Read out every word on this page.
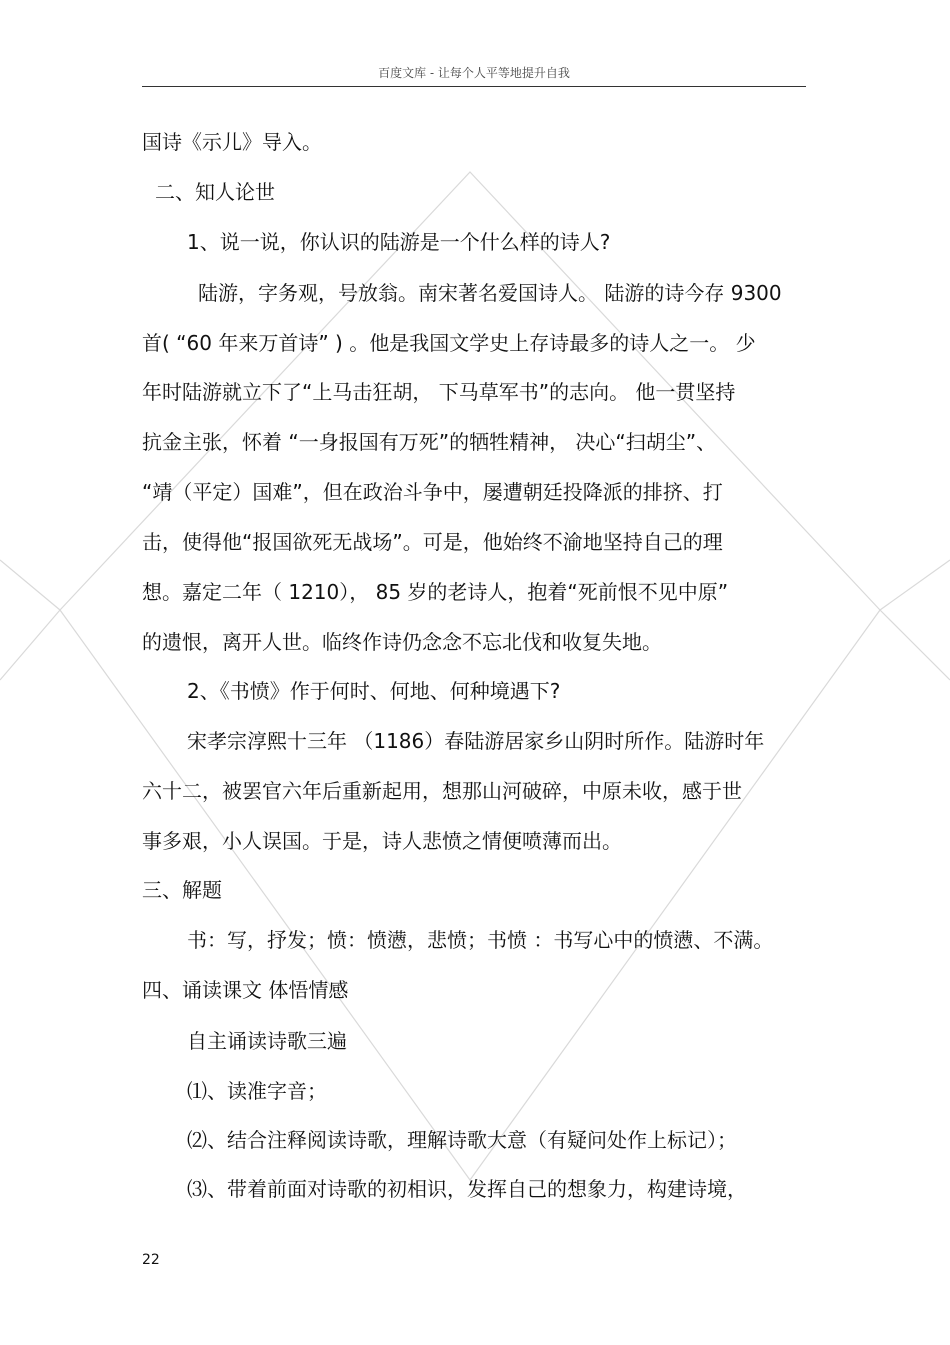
百度文库 - 让每个人平等地提升自我
国诗《示儿》导入。
二、知人论世
1、说一说，你认识的陆游是一个什么样的诗人?
陆游，字务观，号放翁。南宋著名爱国诗人。 陆游的诗今存 9300
首( “60 年来万首诗” ) 。他是我国文学史上存诗最多的诗人之一。 少
年时陆游就立下了“上马击狂胡， 下马草军书”的志向。 他一贯坚持
抗金主张，怀着 “一身报国有万死”的牺牲精神， 决心“扫胡尘”、
“靖（平定）国难”，但在政治斗争中，屡遭朝廷投降派的排挤、打
击，使得他“报国欲死无战场”。可是，他始终不渝地坚持自己的理
想。嘉定二年（ 1210）， 85 岁的老诗人，抱着“死前恨不见中原”
的遗恨，离开人世。临终作诗仍念念不忘北伐和收复失地。
2、《书愤》作于何时、何地、何种境遇下?
宋孝宗淳熙十三年 （1186）春陆游居家乡山阴时所作。陆游时年
六十二，被罢官六年后重新起用，想那山河破碎，中原未收，感于世
事多艰，小人误国。于是，诗人悲愤之情便喷薄而出。
三、解题
书：写，抒发；愤：愤懑，悲愤；书愤 ：书写心中的愤懑、不满。
四、诵读课文 体悟情感
自主诵读诗歌三遍
⑴、读准字音；
⑵、结合注释阅读诗歌，理解诗歌大意（有疑问处作上标记）；
⑶、带着前面对诗歌的初相识，发挥自己的想象力，构建诗境，
22
